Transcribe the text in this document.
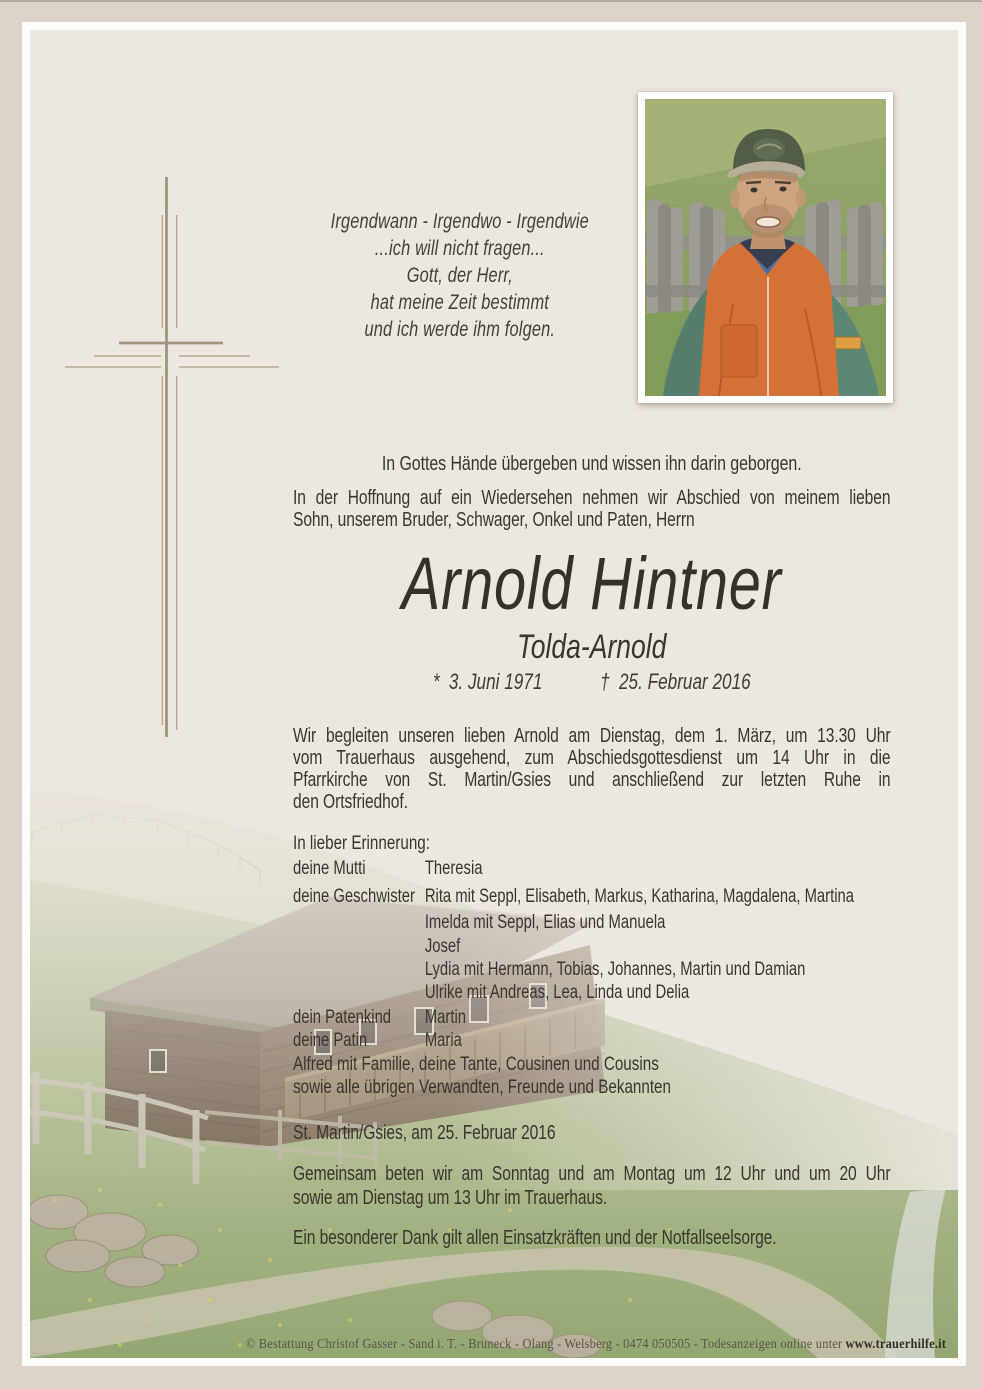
Irgendwann - Irgendwo - Irgendwie
...ich will nicht fragen...
Gott, der Herr,
hat meine Zeit bestimmt
und ich werde ihm folgen.
In Gottes Hände übergeben und wissen ihn darin geborgen.
In der Hoffnung auf ein Wiedersehen nehmen wir Abschied von meinem lieben
Sohn, unserem Bruder, Schwager, Onkel und Paten, Herrn
Arnold Hintner
Tolda-Arnold
* 3. Juni 1971	† 25. Februar 2016
Wir begleiten unseren lieben Arnold am Dienstag, dem 1. März, um 13.30 Uhr
vom Trauerhaus ausgehend, zum Abschiedsgottesdienst um 14 Uhr in die
Pfarrkirche von St. Martin/Gsies und anschließend zur letzten Ruhe in
den Ortsfriedhof.
In lieber Erinnerung:
deine Mutti	Theresia
deine Geschwister Rita mit Seppl, Elisabeth, Markus, Katharina, Magdalena, Martina
Imelda mit Seppl, Elias und Manuela
Josef
Lydia mit Hermann, Tobias, Johannes, Martin und Damian
Ulrike mit Andreas, Lea, Linda und Delia
dein Patenkind Martin
deine Patin	Maria
Alfred mit Familie, deine Tante, Cousinen und Cousins
sowie alle übrigen Verwandten, Freunde und Bekannten
St. Martin/Gsies, am 25. Februar 2016
Gemeinsam beten wir am Sonntag und am Montag um 12 Uhr und um 20 Uhr
sowie am Dienstag um 13 Uhr im Trauerhaus.
Ein besonderer Dank gilt allen Einsatzkräften und der Notfallseelsorge.
© Bestattung Christof Gasser - Sand i. T. - Bruneck - Olang - Welsberg - 0474 050505 - Todesanzeigen online unter www.trauerhilfe.it
